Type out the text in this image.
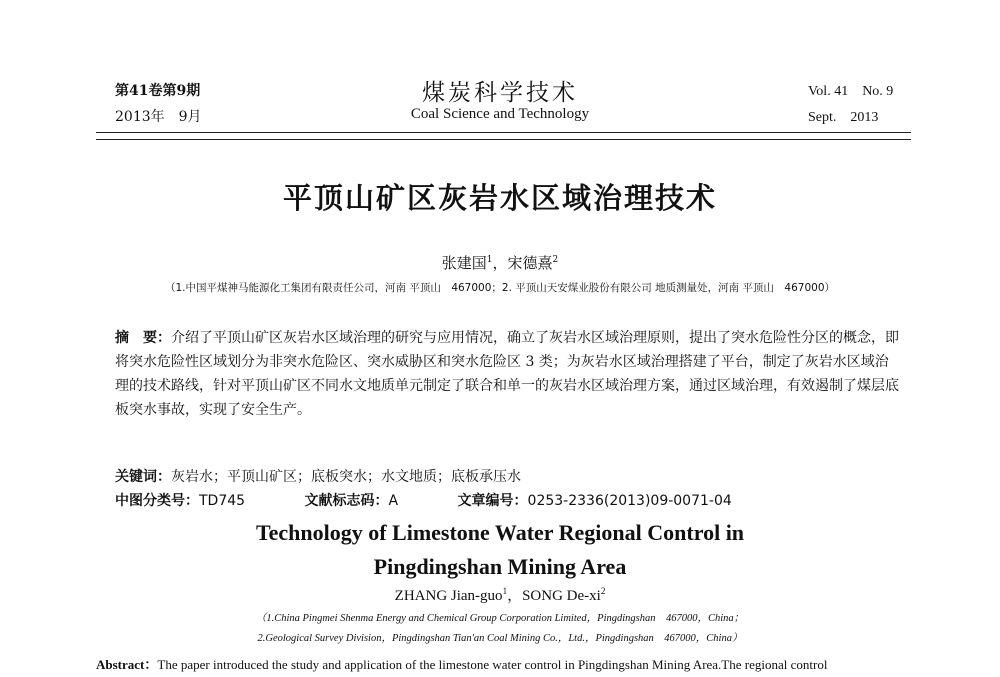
第41卷第9期
2013年　9月
煤炭科学技术
Coal Science and Technology
Vol. 41　No. 9
Sept.　2013
平顶山矿区灰岩水区域治理技术
张建国$^1$，宋德熹$^2$
（1.中国平煤神马能源化工集团有限责任公司，河南 平顶山　467000；2. 平顶山天安煤业股份有限公司 地质测量处，河南 平顶山　467000）
摘　要：介绍了平顶山矿区灰岩水区域治理的研究与应用情况，确立了灰岩水区域治理原则，提出了突水危险性分区的概念，即将突水危险性区域划分为非突水危险区、突水威胁区和突水危险区 3 类；为灰岩水区域治理搭建了平台，制定了灰岩水区域治理的技术路线，针对平顶山矿区不同水文地质单元制定了联合和单一的灰岩水区域治理方案，通过区域治理，有效遏制了煤层底板突水事故，实现了安全生产。
关键词：灰岩水；平顶山矿区；底板突水；水文地质；底板承压水
中图分类号：TD745	文献标志码：A	文章编号：0253-2336(2013)09-0071-04
Technology of Limestone Water Regional Control in
Pingdingshan Mining Area
ZHANG Jian-guo$^1$，SONG $De-xi^2$
（1.China Pingmei Shenma Energy and Chemical Group Corporation Limited，Pingdingshan　467000，China；
2.Geological Survey Division，Pingdingshan Tian'an Coal Mining Co.，Ltd.，Pingdingshan　467000，China）
Abstract：The paper introduced the study and application of the limestone water control in Pingdingshan Mining Area.The regional control
